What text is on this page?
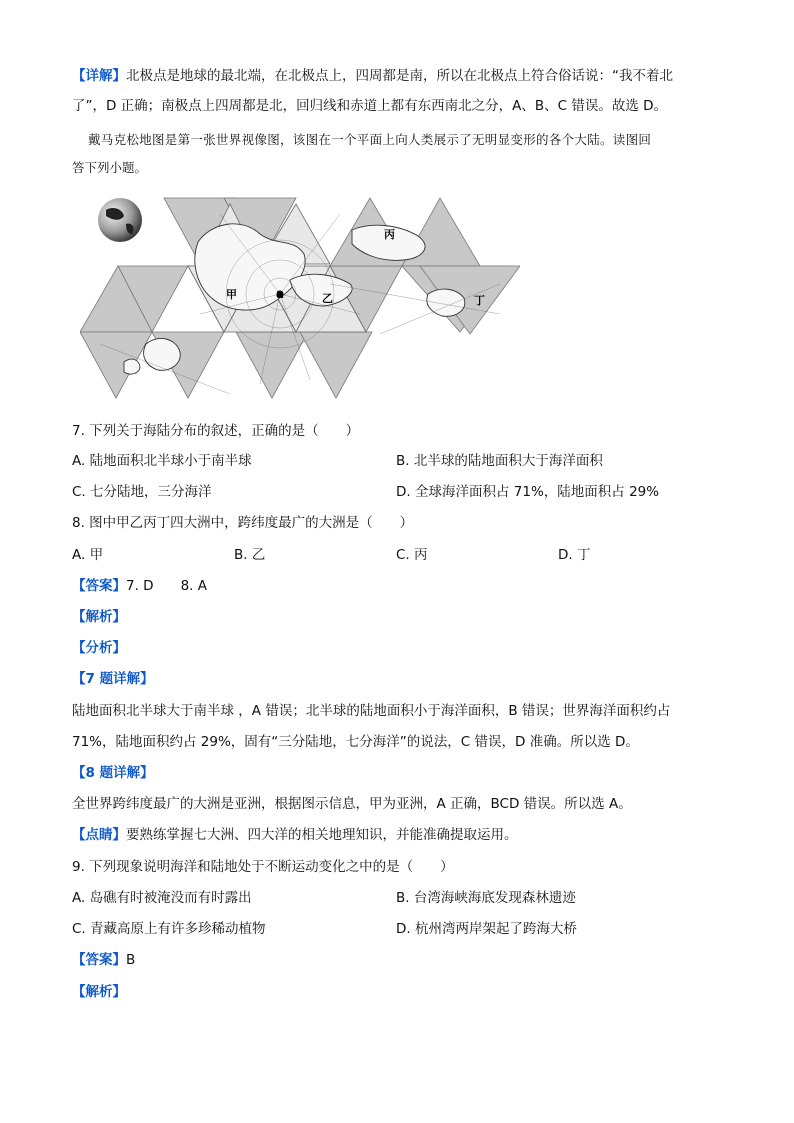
【详解】北极点是地球的最北端，在北极点上，四周都是南，所以在北极点上符合俗话说：“我不着北
了”，D 正确；南极点上四周都是北，回归线和赤道上都有东西南北之分，A、B、C 错误。故选 D。
戴马克松地图是第一张世界视像图，该图在一个平面上向人类展示了无明显变形的各个大陆。读图回
答下列小题。
甲	乙
丙
丁
7. 下列关于海陆分布的叙述，正确的是（　　）
A. 陆地面积北半球小于南半球	B. 北半球的陆地面积大于海洋面积
C. 七分陆地，三分海洋	D. 全球海洋面积占 71%，陆地面积占 29%
8. 图中甲乙丙丁四大洲中，跨纬度最广的大洲是（　　）
A. 甲	B. 乙	C. 丙	D. 丁
【答案】7. D　　8. A
【解析】
【分析】
【7 题详解】
陆地面积北半球大于南半球 ，A 错误；北半球的陆地面积小于海洋面积，B 错误；世界海洋面积约占
71%，陆地面积约占 29%，固有“三分陆地，七分海洋”的说法，C 错误，D 准确。所以选 D。
【8 题详解】
全世界跨纬度最广的大洲是亚洲，根据图示信息，甲为亚洲，A 正确，BCD 错误。所以选 A。
【点睛】要熟练掌握七大洲、四大洋的相关地理知识，并能准确提取运用。
9. 下列现象说明海洋和陆地处于不断运动变化之中的是（　　）
A. 岛礁有时被淹没而有时露出	B. 台湾海峡海底发现森林遗迹
C. 青藏高原上有许多珍稀动植物	D. 杭州湾两岸架起了跨海大桥
【答案】B
【解析】
